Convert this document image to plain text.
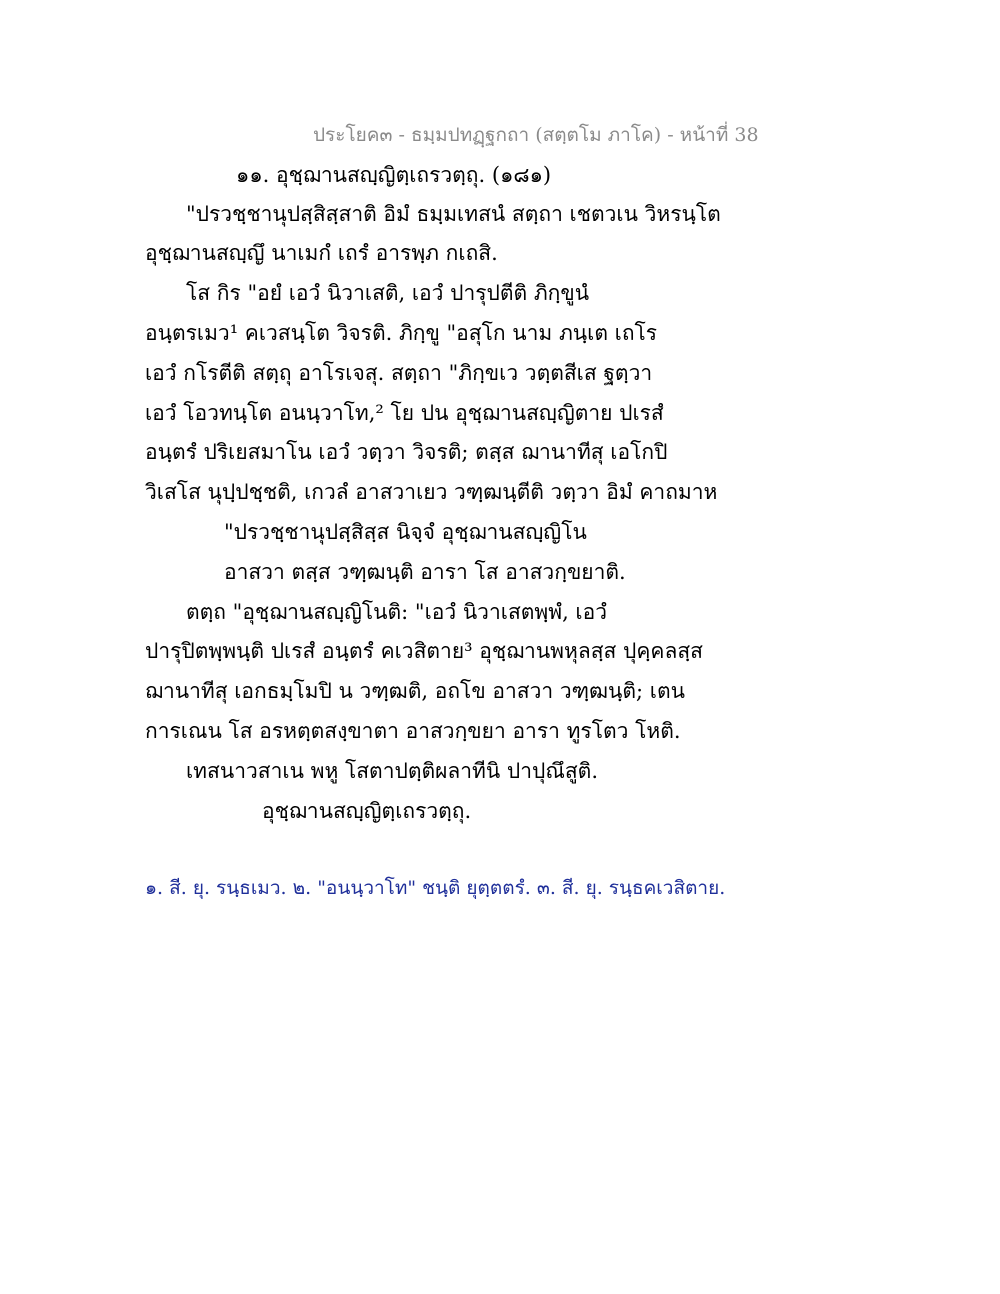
ประโยค๓ - ธมฺมปทฏฺฐกถา (สตฺตโม ภาโค) - หน้าที่ 38
๑๑. อุชฺฌานสญฺญิตฺเถรวตฺถุ. (๑๘๑)
"ปรวชฺชานุปสฺสิสฺสาติ อิมํ ธมฺมเทสนํ สตฺถา เชตวเน วิหรนฺโต
อุชฺฌานสญฺญึ นาเมกํ เถรํ อารพฺภ กเถสิ.
โส กิร "อยํ เอวํ นิวาเสติ, เอวํ ปารุปตีติ ภิกฺขูนํ
อนฺตรเมว¹ คเวสนฺโต วิจรติ. ภิกฺขู "อสุโก นาม ภนฺเต เถโร
เอวํ กโรตีติ สตฺถุ อาโรเจสุ. สตฺถา "ภิกฺขเว วตฺตสีเส ฐตฺวา
เอวํ โอวทนฺโต อนนฺวาโท,² โย ปน อุชฺฌานสญฺญิตาย ปเรสํ
อนฺตรํ ปริเยสมาโน เอวํ วตฺวา วิจรติ; ตสฺส ฌานาทีสุ เอโกปิ
วิเสโส นุปฺปชฺชติ, เกวลํ อาสวาเยว วฑฺฒนฺตีติ วตฺวา อิมํ คาถมาห
"ปรวชฺชานุปสฺสิสฺส นิจฺจํ อุชฺฌานสญฺญิโน
อาสวา ตสฺส วฑฺฒนฺติ อารา โส อาสวกฺขยาติ.
ตตฺถ "อุชฺฌานสญฺญิโนติ: "เอวํ นิวาเสตพฺพํ, เอวํ
ปารุปิตพฺพนฺติ ปเรสํ อนฺตรํ คเวสิตาย³ อุชฺฌานพหุลสฺส ปุคฺคลสฺส
ฌานาทีสุ เอกธมฺโมปิ น วฑฺฒติ, อถโข อาสวา วฑฺฒนฺติ; เตน
การเณน โส อรหตฺตสงฺขาตา อาสวกฺขยา อารา ทูรโตว โหติ.
เทสนาวสาเน พหู โสตาปตฺติผลาทีนิ ปาปุณึสูติ.
อุชฺฌานสญฺญิตฺเถรวตฺถุ.
๑. สี. ยุ. รนฺธเมว. ๒. "อนนฺวาโท" ชนฺติ ยุตฺตตรํ. ๓. สี. ยุ. รนฺธคเวสิตาย.
